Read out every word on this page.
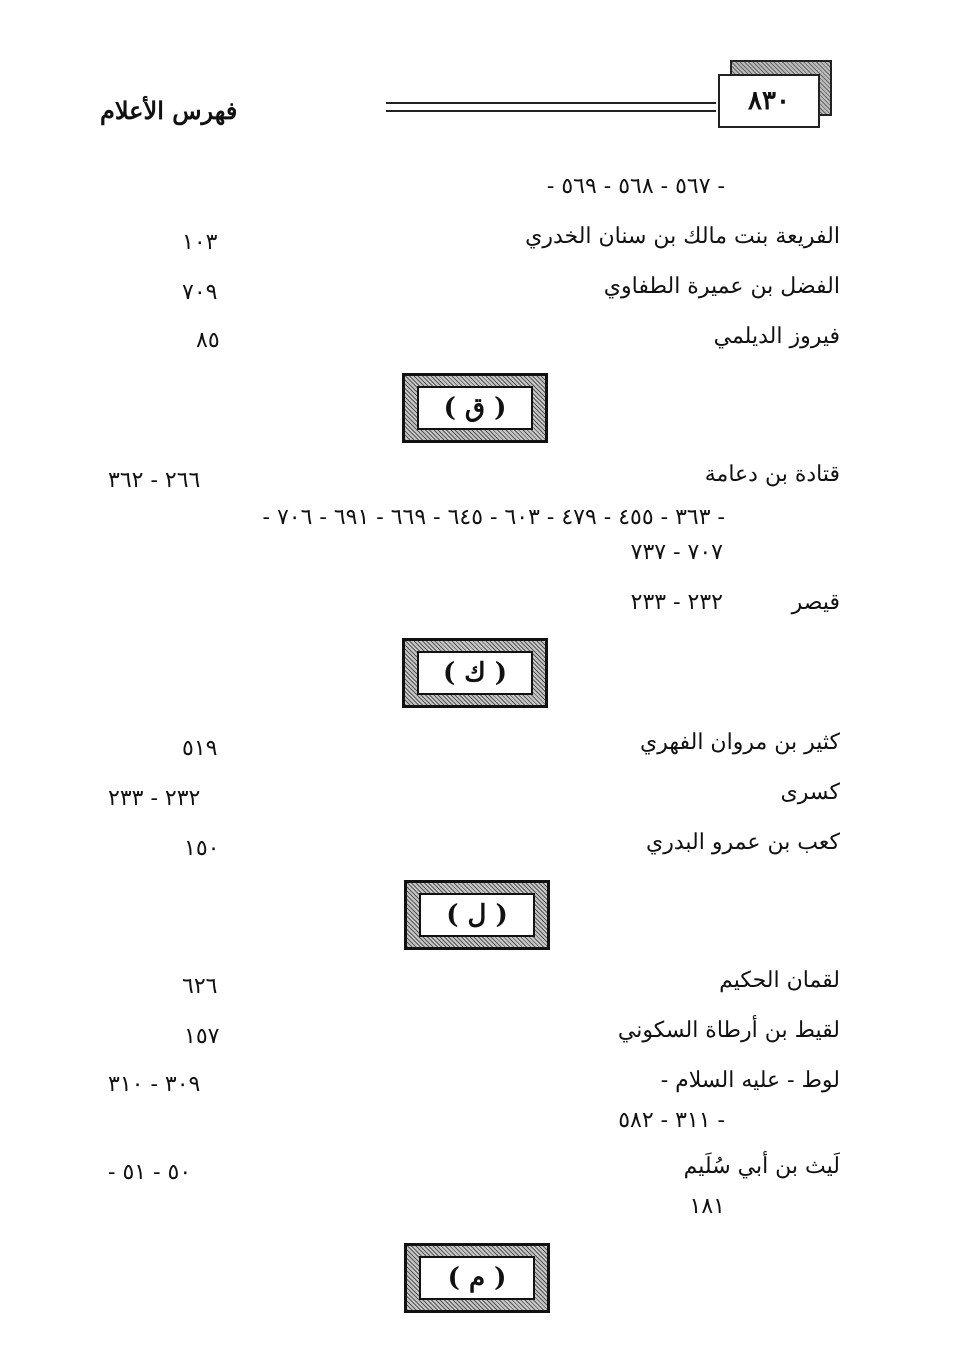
فهرس الأعلام	٨٣٠
- ٥٦٧ - ٥٦٨ - ٥٦٩ -
الفريعة بنت مالك بن سنان الخدري
١٠٣
الفضل بن عميرة الطفاوي
٧٠٩
فيروز الديلمي
٨٥
( ق )
قتادة بن دعامة
٢٦٦ - ٣٦٢
- ٣٦٣ - ٤٥٥ - ٤٧٩ - ٦٠٣ - ٦٤٥ - ٦٦٩ - ٦٩١ - ٧٠٦ -
٧٠٧ - ٧٣٧
قيصر
٢٣٢ - ٢٣٣
( ك )
كثير بن مروان الفهري
٥١٩
كسرى
٢٣٢ - ٢٣٣
كعب بن عمرو البدري
١٥٠
( ل )
لقمان الحكيم
٦٢٦
لقيط بن أرطاة السكوني
١٥٧
لوط - عليه السلام -
٣٠٩ - ٣١٠
- ٣١١ - ٥٨٢
لَيث بن أبي سُلَيم
٥٠ - ٥١ -
١٨١
( م )
